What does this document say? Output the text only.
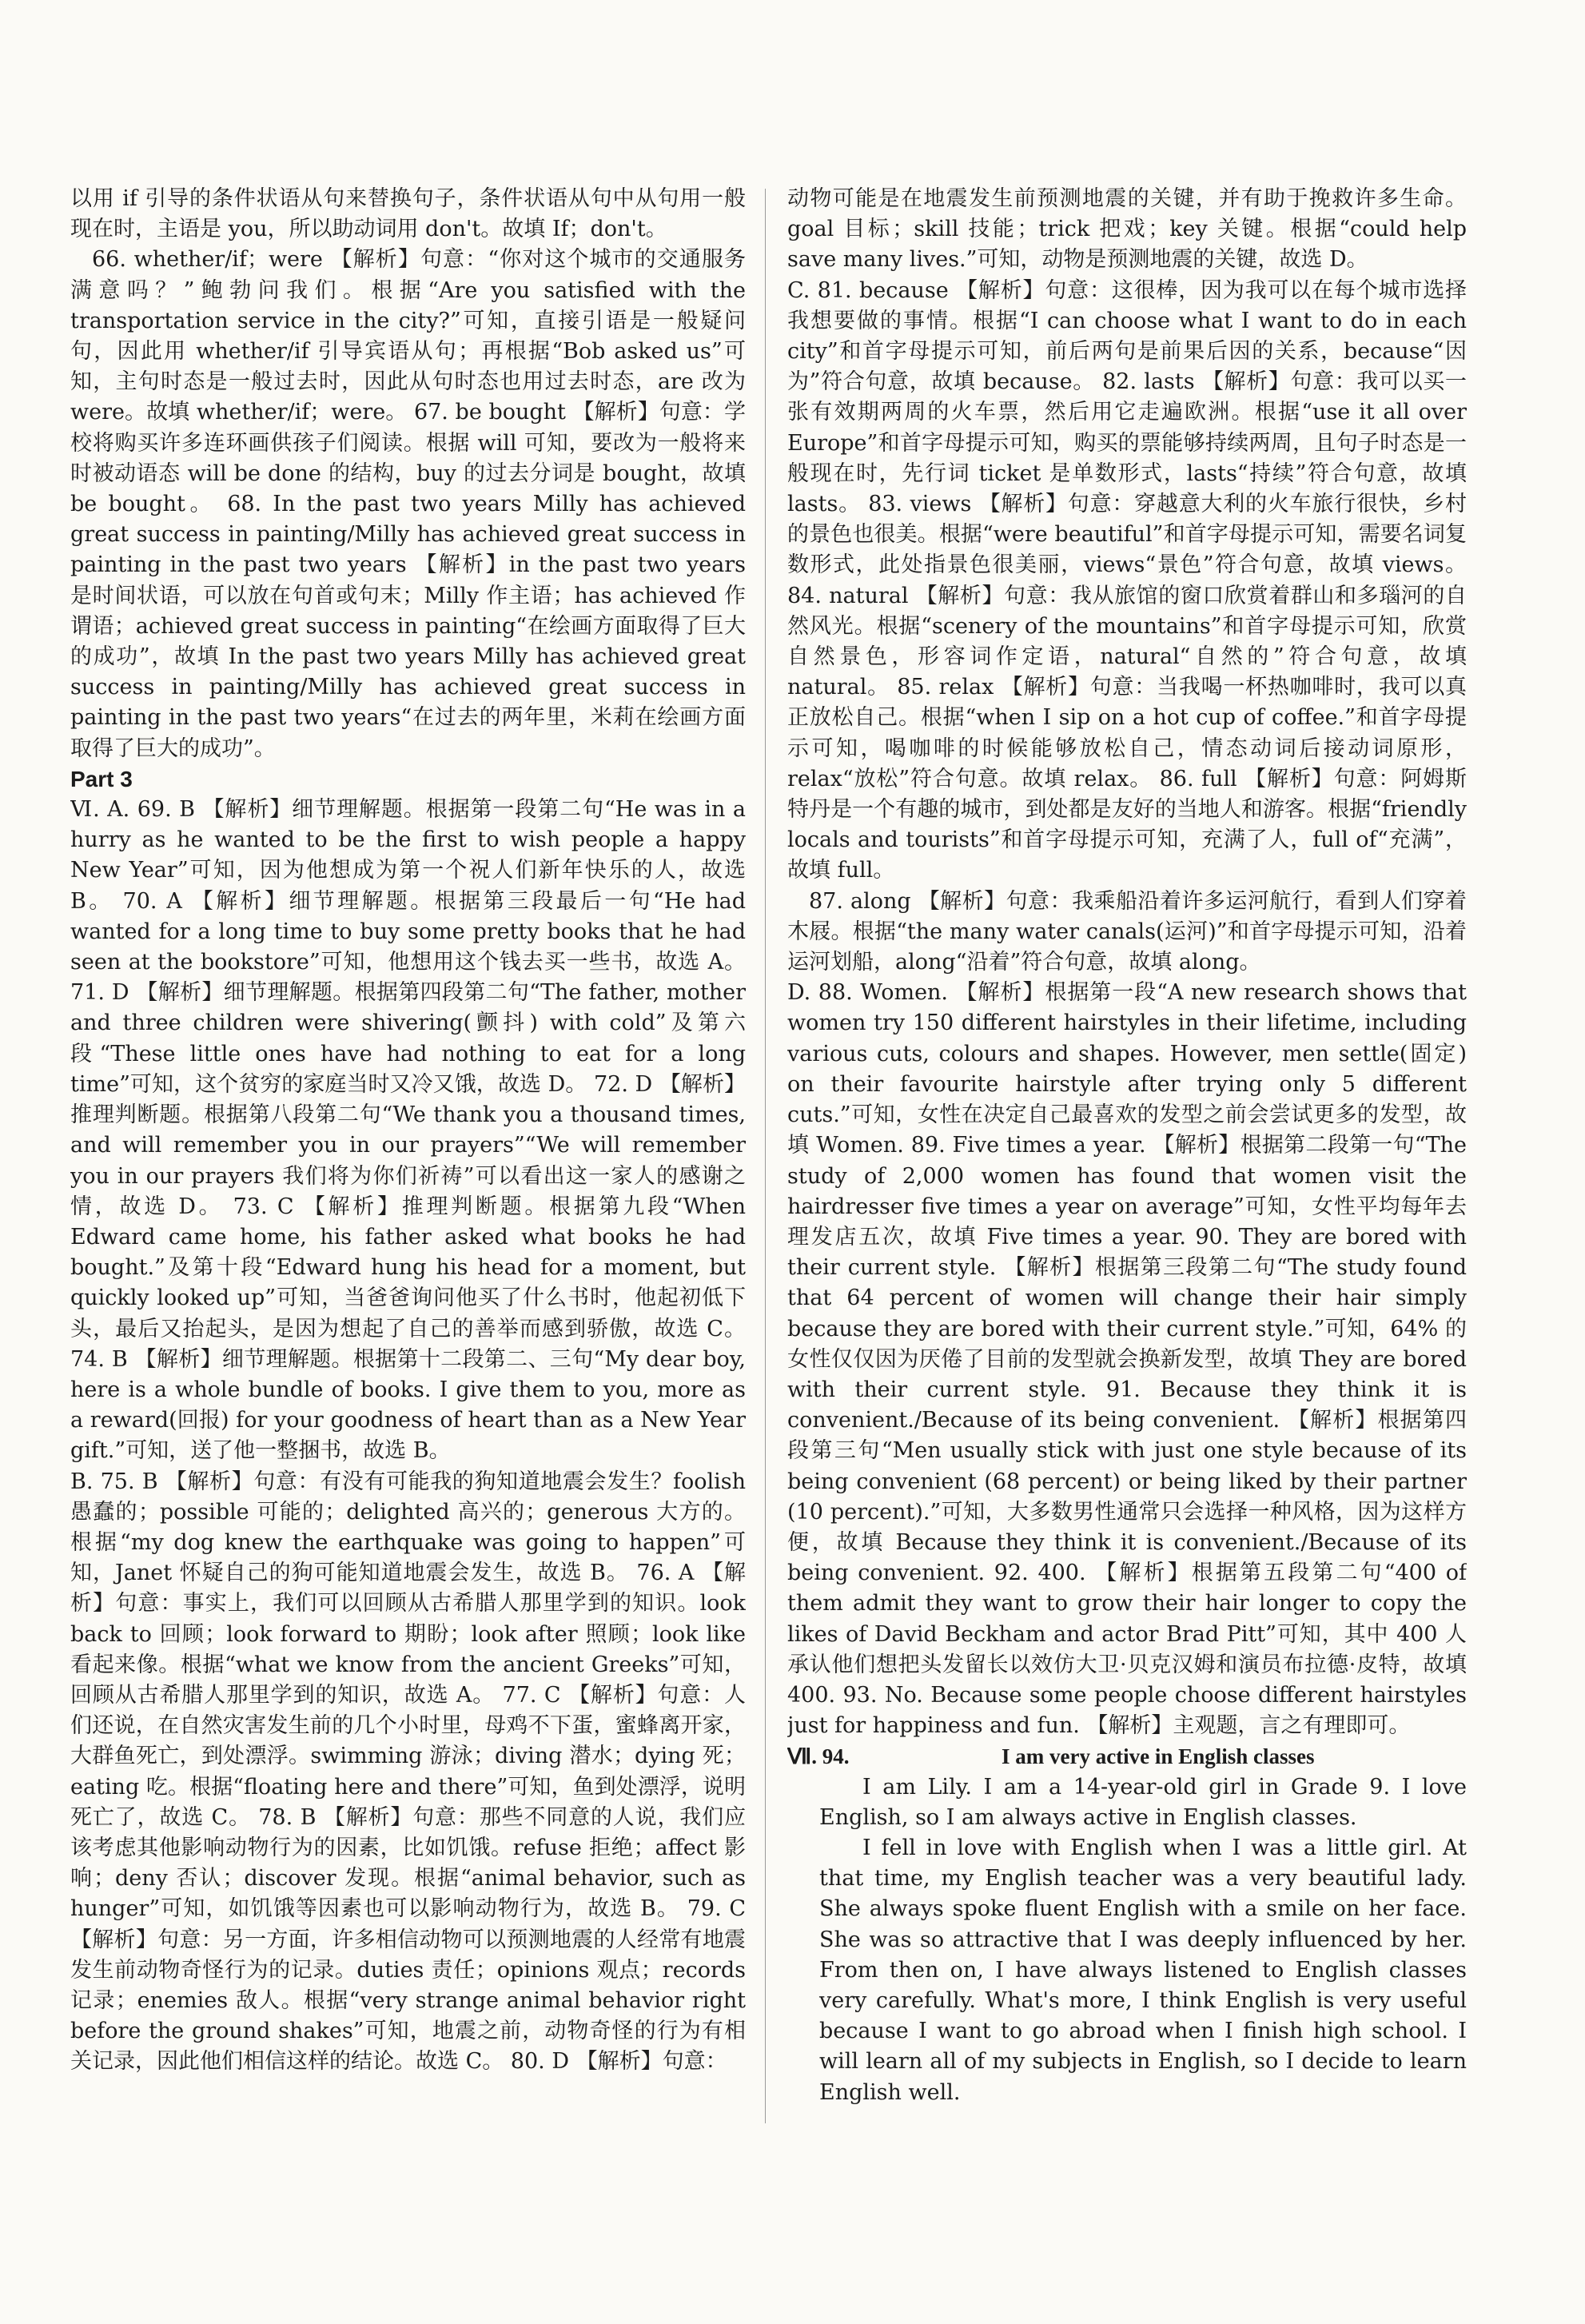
以用 if 引导的条件状语从句来替换句子，条件状语从句中从句用一般现在时，主语是 you，所以助动词用 don't。故填 If；don't。

66. whether/if；were 【解析】句意：“你对这个城市的交通服务满意吗？”鲍勃问我们。根据“Are you satisfied with the transportation service in the city?”可知，直接引语是一般疑问句，因此用 whether/if 引导宾语从句；再根据“Bob asked us”可知，主句时态是一般过去时，因此从句时态也用过去时态，are 改为 were。故填 whether/if；were。 67. be bought 【解析】句意：学校将购买许多连环画供孩子们阅读。根据 will 可知，要改为一般将来时被动语态 will be done 的结构，buy 的过去分词是 bought，故填 be bought。 68. In the past two years Milly has achieved great success in painting/Milly has achieved great success in painting in the past two years 【解析】in the past two years 是时间状语，可以放在句首或句末；Milly 作主语；has achieved 作谓语；achieved great success in painting“在绘画方面取得了巨大的成功”，故填 In the past two years Milly has achieved great success in painting/Milly has achieved great success in painting in the past two years“在过去的两年里，米莉在绘画方面取得了巨大的成功”。

Part 3

Ⅵ. A. 69. B 【解析】细节理解题。根据第一段第二句“He was in a hurry as he wanted to be the first to wish people a happy New Year”可知，因为他想成为第一个祝人们新年快乐的人，故选 B。 70. A 【解析】细节理解题。根据第三段最后一句“He had wanted for a long time to buy some pretty books that he had seen at the bookstore”可知，他想用这个钱去买一些书，故选 A。 71. D 【解析】细节理解题。根据第四段第二句“The father, mother and three children were shivering(颤抖) with cold”及第六段“These little ones have had nothing to eat for a long time”可知，这个贫穷的家庭当时又冷又饿，故选 D。 72. D 【解析】推理判断题。根据第八段第二句“We thank you a thousand times, and will remember you in our prayers”“We will remember you in our prayers 我们将为你们祈祷”可以看出这一家人的感谢之情，故选 D。 73. C 【解析】推理判断题。根据第九段“When Edward came home, his father asked what books he had bought.”及第十段“Edward hung his head for a moment, but quickly looked up”可知，当爸爸询问他买了什么书时，他起初低下头，最后又抬起头，是因为想起了自己的善举而感到骄傲，故选 C。 74. B 【解析】细节理解题。根据第十二段第二、三句“My dear boy, here is a whole bundle of books. I give them to you, more as a reward(回报) for your goodness of heart than as a New Year gift.”可知，送了他一整捆书，故选 B。

B. 75. B 【解析】句意：有没有可能我的狗知道地震会发生？foolish 愚蠢的；possible 可能的；delighted 高兴的；generous 大方的。根据“my dog knew the earthquake was going to happen”可知，Janet 怀疑自己的狗可能知道地震会发生，故选 B。 76. A 【解析】句意：事实上，我们可以回顾从古希腊人那里学到的知识。look back to 回顾；look forward to 期盼；look after 照顾；look like 看起来像。根据“what we know from the ancient Greeks”可知，回顾从古希腊人那里学到的知识，故选 A。 77. C 【解析】句意：人们还说，在自然灾害发生前的几个小时里，母鸡不下蛋，蜜蜂离开家，大群鱼死亡，到处漂浮。swimming 游泳；diving 潜水；dying 死；eating 吃。根据“floating here and there”可知，鱼到处漂浮，说明死亡了，故选 C。 78. B 【解析】句意：那些不同意的人说，我们应该考虑其他影响动物行为的因素，比如饥饿。refuse 拒绝；affect 影响；deny 否认；discover 发现。根据“animal behavior, such as hunger”可知，如饥饿等因素也可以影响动物行为，故选 B。 79. C 【解析】句意：另一方面，许多相信动物可以预测地震的人经常有地震发生前动物奇怪行为的记录。duties 责任；opinions 观点；records 记录；enemies 敌人。根据“very strange animal behavior right before the ground shakes”可知，地震之前，动物奇怪的行为有相关记录，因此他们相信这样的结论。故选 C。 80. D 【解析】句意：

动物可能是在地震发生前预测地震的关键，并有助于挽救许多生命。goal 目标；skill 技能；trick 把戏；key 关键。根据“could help save many lives.”可知，动物是预测地震的关键，故选 D。

C. 81. because 【解析】句意：这很棒，因为我可以在每个城市选择我想要做的事情。根据“I can choose what I want to do in each city”和首字母提示可知，前后两句是前果后因的关系，because“因为”符合句意，故填 because。 82. lasts 【解析】句意：我可以买一张有效期两周的火车票，然后用它走遍欧洲。根据“use it all over Europe”和首字母提示可知，购买的票能够持续两周，且句子时态是一般现在时，先行词 ticket 是单数形式，lasts“持续”符合句意，故填 lasts。 83. views 【解析】句意：穿越意大利的火车旅行很快，乡村的景色也很美。根据“were beautiful”和首字母提示可知，需要名词复数形式，此处指景色很美丽，views“景色”符合句意，故填 views。 84. natural 【解析】句意：我从旅馆的窗口欣赏着群山和多瑙河的自然风光。根据“scenery of the mountains”和首字母提示可知，欣赏自然景色，形容词作定语，natural“自然的”符合句意，故填 natural。 85. relax 【解析】句意：当我喝一杯热咖啡时，我可以真正放松自己。根据“when I sip on a hot cup of coffee.”和首字母提示可知，喝咖啡的时候能够放松自己，情态动词后接动词原形，relax“放松”符合句意。故填 relax。 86. full 【解析】句意：阿姆斯特丹是一个有趣的城市，到处都是友好的当地人和游客。根据“friendly locals and tourists”和首字母提示可知，充满了人，full of“充满”，故填 full。

87. along 【解析】句意：我乘船沿着许多运河航行，看到人们穿着木屐。根据“the many water canals(运河)”和首字母提示可知，沿着运河划船，along“沿着”符合句意，故填 along。

D. 88. Women. 【解析】根据第一段“A new research shows that women try 150 different hairstyles in their lifetime, including various cuts, colours and shapes. However, men settle(固定) on their favourite hairstyle after trying only 5 different cuts.”可知，女性在决定自己最喜欢的发型之前会尝试更多的发型，故填 Women. 89. Five times a year. 【解析】根据第二段第一句“The study of 2,000 women has found that women visit the hairdresser five times a year on average”可知，女性平均每年去理发店五次，故填 Five times a year. 90. They are bored with their current style. 【解析】根据第三段第二句“The study found that 64 percent of women will change their hair simply because they are bored with their current style.”可知，64% 的女性仅仅因为厌倦了目前的发型就会换新发型，故填 They are bored with their current style. 91. Because they think it is convenient./Because of its being convenient. 【解析】根据第四段第三句“Men usually stick with just one style because of its being convenient (68 percent) or being liked by their partner (10 percent).”可知，大多数男性通常只会选择一种风格，因为这样方便，故填 Because they think it is convenient./Because of its being convenient. 92. 400. 【解析】根据第五段第二句“400 of them admit they want to grow their hair longer to copy the likes of David Beckham and actor Brad Pitt”可知，其中 400 人承认他们想把头发留长以效仿大卫·贝克汉姆和演员布拉德·皮特，故填 400. 93. No. Because some people choose different hairstyles just for happiness and fun. 【解析】主观题，言之有理即可。

Ⅶ. 94.	I am very active in English classes

I am Lily. I am a 14-year-old girl in Grade 9. I love English, so I am always active in English classes.

I fell in love with English when I was a little girl. At that time, my English teacher was a very beautiful lady. She always spoke fluent English with a smile on her face. She was so attractive that I was deeply influenced by her. From then on, I have always listened to English classes very carefully. What's more, I think English is very useful because I want to go abroad when I finish high school. I will learn all of my subjects in English, so I decide to learn English well.
